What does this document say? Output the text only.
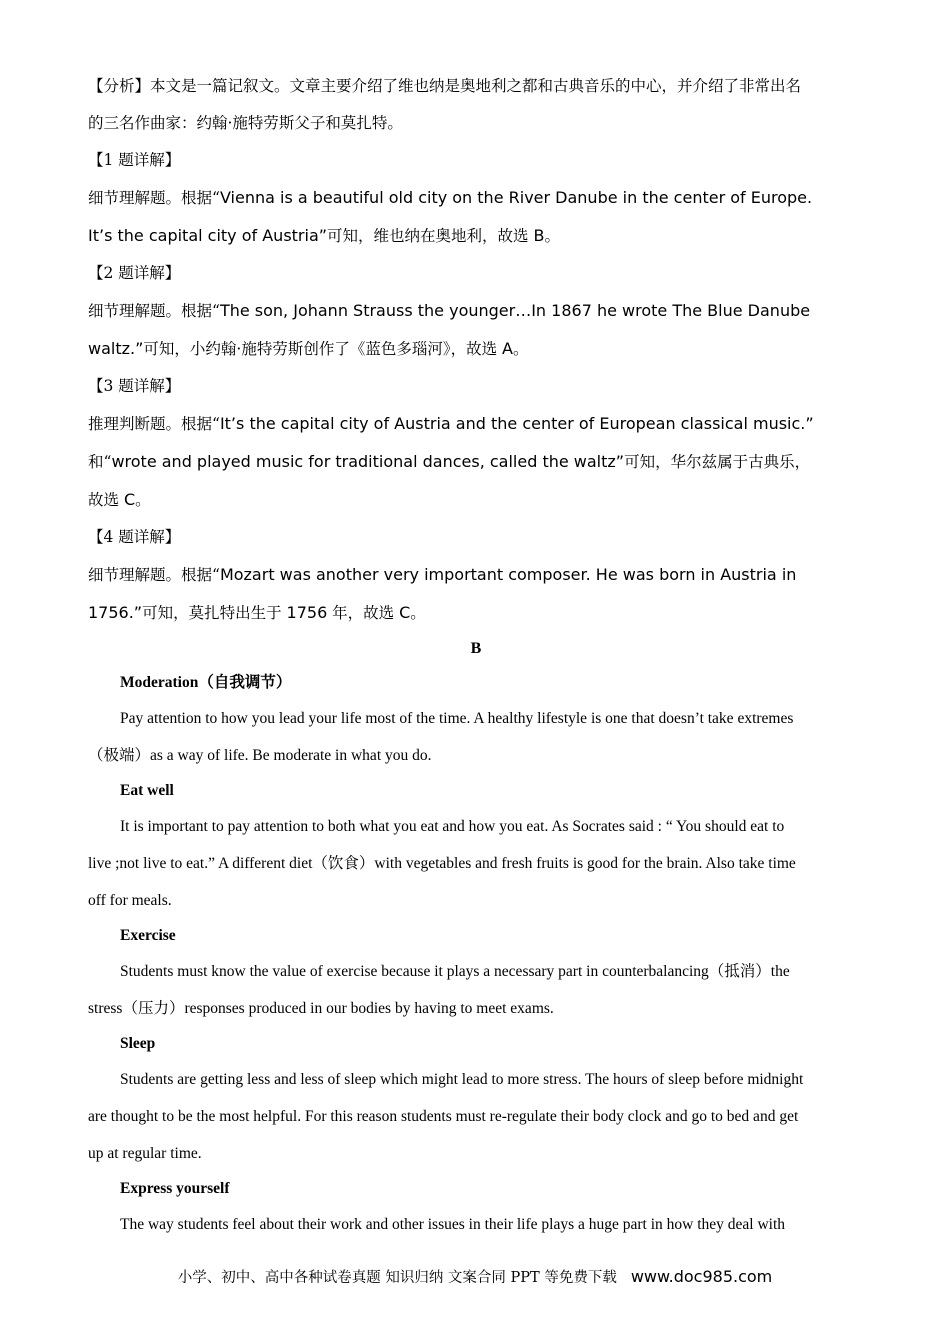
【分析】本文是一篇记叙文。文章主要介绍了维也纳是奥地利之都和古典音乐的中心，并介绍了非常出名
的三名作曲家：约翰·施特劳斯父子和莫扎特。
【1 题详解】
细节理解题。根据“Vienna is a beautiful old city on the River Danube in the center of Europe.
It’s the capital city of Austria”可知，维也纳在奥地利，故选 B。
【2 题详解】
细节理解题。根据“The son, Johann Strauss the younger…In 1867 he wrote The Blue Danube
waltz.”可知，小约翰·施特劳斯创作了《蓝色多瑙河》，故选 A。
【3 题详解】
推理判断题。根据“It’s the capital city of Austria and the center of European classical music.”
和“wrote and played music for traditional dances, called the waltz”可知，华尔兹属于古典乐，
故选 C。
【4 题详解】
细节理解题。根据“Mozart was another very important composer. He was born in Austria in
1756.”可知，莫扎特出生于 1756 年，故选 C。
B
Moderation（自我调节）
Pay attention to how you lead your life most of the time. A healthy lifestyle is one that doesn’t take extremes
（极端）as a way of life. Be moderate in what you do.
Eat well
It is important to pay attention to both what you eat and how you eat. As Socrates said : “ You should eat to
live ;not live to eat.” A different diet（饮食）with vegetables and fresh fruits is good for the brain. Also take time
off for meals.
Exercise
Students must know the value of exercise because it plays a necessary part in counterbalancing（抵消）the
stress（压力）responses produced in our bodies by having to meet exams.
Sleep
Students are getting less and less of sleep which might lead to more stress. The hours of sleep before midnight
are thought to be the most helpful. For this reason students must re-regulate their body clock and go to bed and get
up at regular time.
Express yourself
The way students feel about their work and other issues in their life plays a huge part in how they deal with
小学、初中、高中各种试卷真题 知识归纳 文案合同 PPT 等免费下载 www.doc985.com
